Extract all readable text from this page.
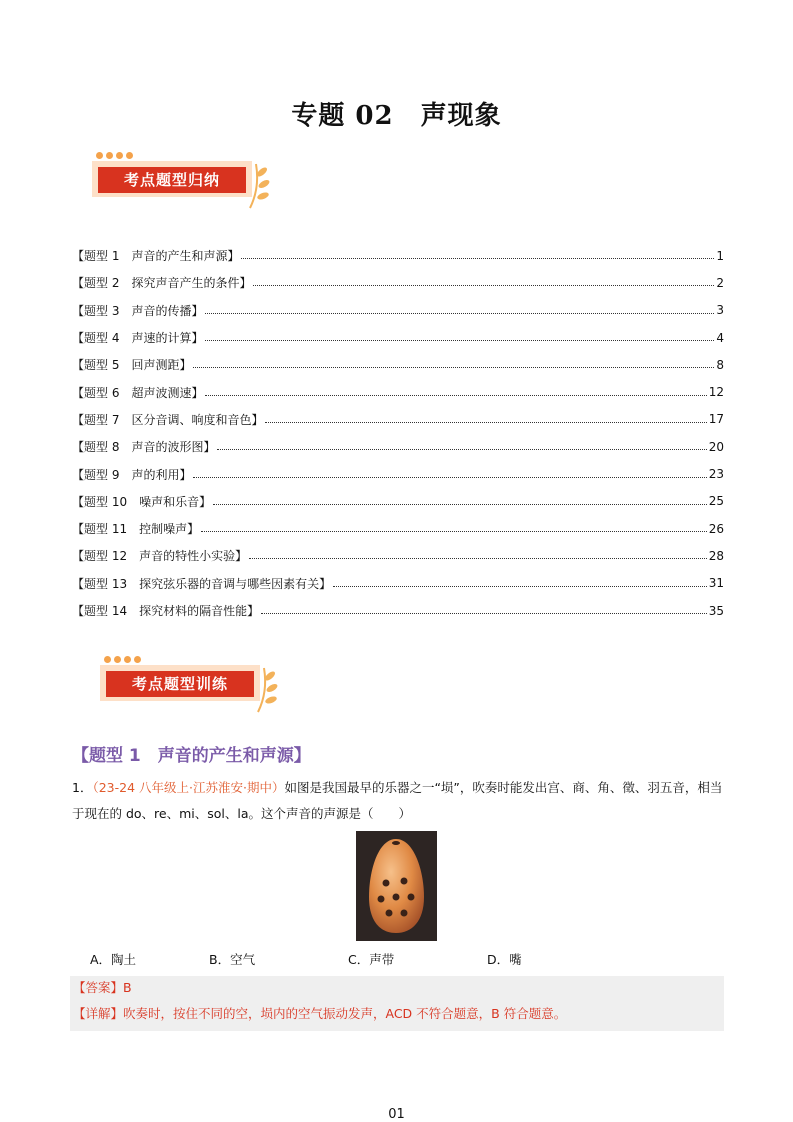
专题 02　声现象
考点题型归纳
【题型 1　声音的产生和声源】	1
【题型 2　探究声音产生的条件】	2
【题型 3　声音的传播】	3
【题型 4　声速的计算】	4
【题型 5　回声测距】	8
【题型 6　超声波测速】	12
【题型 7　区分音调、响度和音色】	17
【题型 8　声音的波形图】	20
【题型 9　声的利用】	23
【题型 10　噪声和乐音】	25
【题型 11　控制噪声】	26
【题型 12　声音的特性小实验】	28
【题型 13　探究弦乐器的音调与哪些因素有关】	31
【题型 14　探究材料的隔音性能】	35
考点题型训练
【题型 1　声音的产生和声源】
1．（23-24 八年级上·江苏淮安·期中）如图是我国最早的乐器之一“埙”，吹奏时能发出宫、商、角、徵、羽五音，相当于现在的 do、re、mi、sol、la。这个声音的声源是（　　）
A．陶土	B．空气	C．声带	D．嘴
【答案】B
【详解】吹奏时，按住不同的空，埙内的空气振动发声，ACD 不符合题意，B 符合题意。
01
